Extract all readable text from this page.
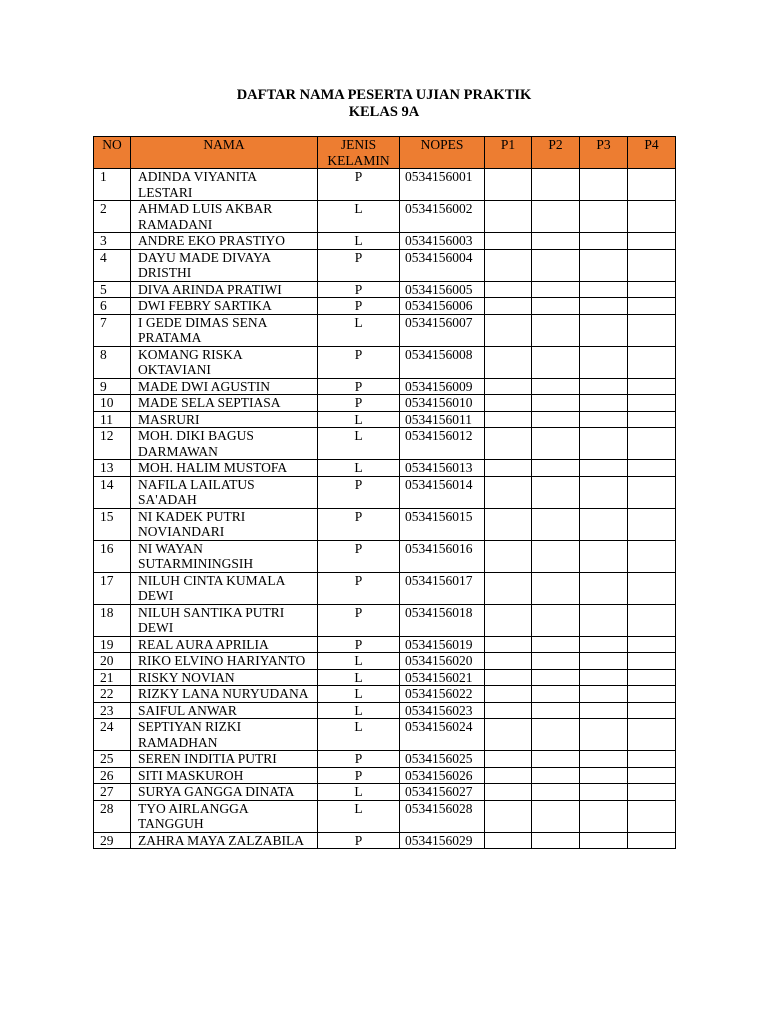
DAFTAR NAMA PESERTA UJIAN PRAKTIK
KELAS 9A
NO	NAMA	JENIS KELAMIN	NOPES	P1	P2	P3	P4
1	ADINDA VIYANITA LESTARI	P	0534156001				
2	AHMAD LUIS AKBAR RAMADANI	L	0534156002				
3	ANDRE EKO PRASTIYO	L	0534156003				
4	DAYU MADE DIVAYA DRISTHI	P	0534156004				
5	DIVA ARINDA PRATIWI	P	0534156005				
6	DWI FEBRY SARTIKA	P	0534156006				
7	I GEDE DIMAS SENA PRATAMA	L	0534156007				
8	KOMANG RISKA OKTAVIANI	P	0534156008				
9	MADE DWI AGUSTIN	P	0534156009				
10	MADE SELA SEPTIASA	P	0534156010				
11	MASRURI	L	0534156011				
12	MOH. DIKI BAGUS DARMAWAN	L	0534156012				
13	MOH. HALIM MUSTOFA	L	0534156013				
14	NAFILA LAILATUS SA'ADAH	P	0534156014				
15	NI KADEK PUTRI NOVIANDARI	P	0534156015				
16	NI WAYAN SUTARMININGSIH	P	0534156016				
17	NILUH CINTA KUMALA DEWI	P	0534156017				
18	NILUH SANTIKA PUTRI DEWI	P	0534156018				
19	REAL AURA APRILIA	P	0534156019				
20	RIKO ELVINO HARIYANTO	L	0534156020				
21	RISKY NOVIAN	L	0534156021				
22	RIZKY LANA NURYUDANA	L	0534156022				
23	SAIFUL ANWAR	L	0534156023				
24	SEPTIYAN RIZKI RAMADHAN	L	0534156024				
25	SEREN INDITIA PUTRI	P	0534156025				
26	SITI MASKUROH	P	0534156026				
27	SURYA GANGGA DINATA	L	0534156027				
28	TYO AIRLANGGA TANGGUH	L	0534156028				
29	ZAHRA MAYA ZALZABILA	P	0534156029				
